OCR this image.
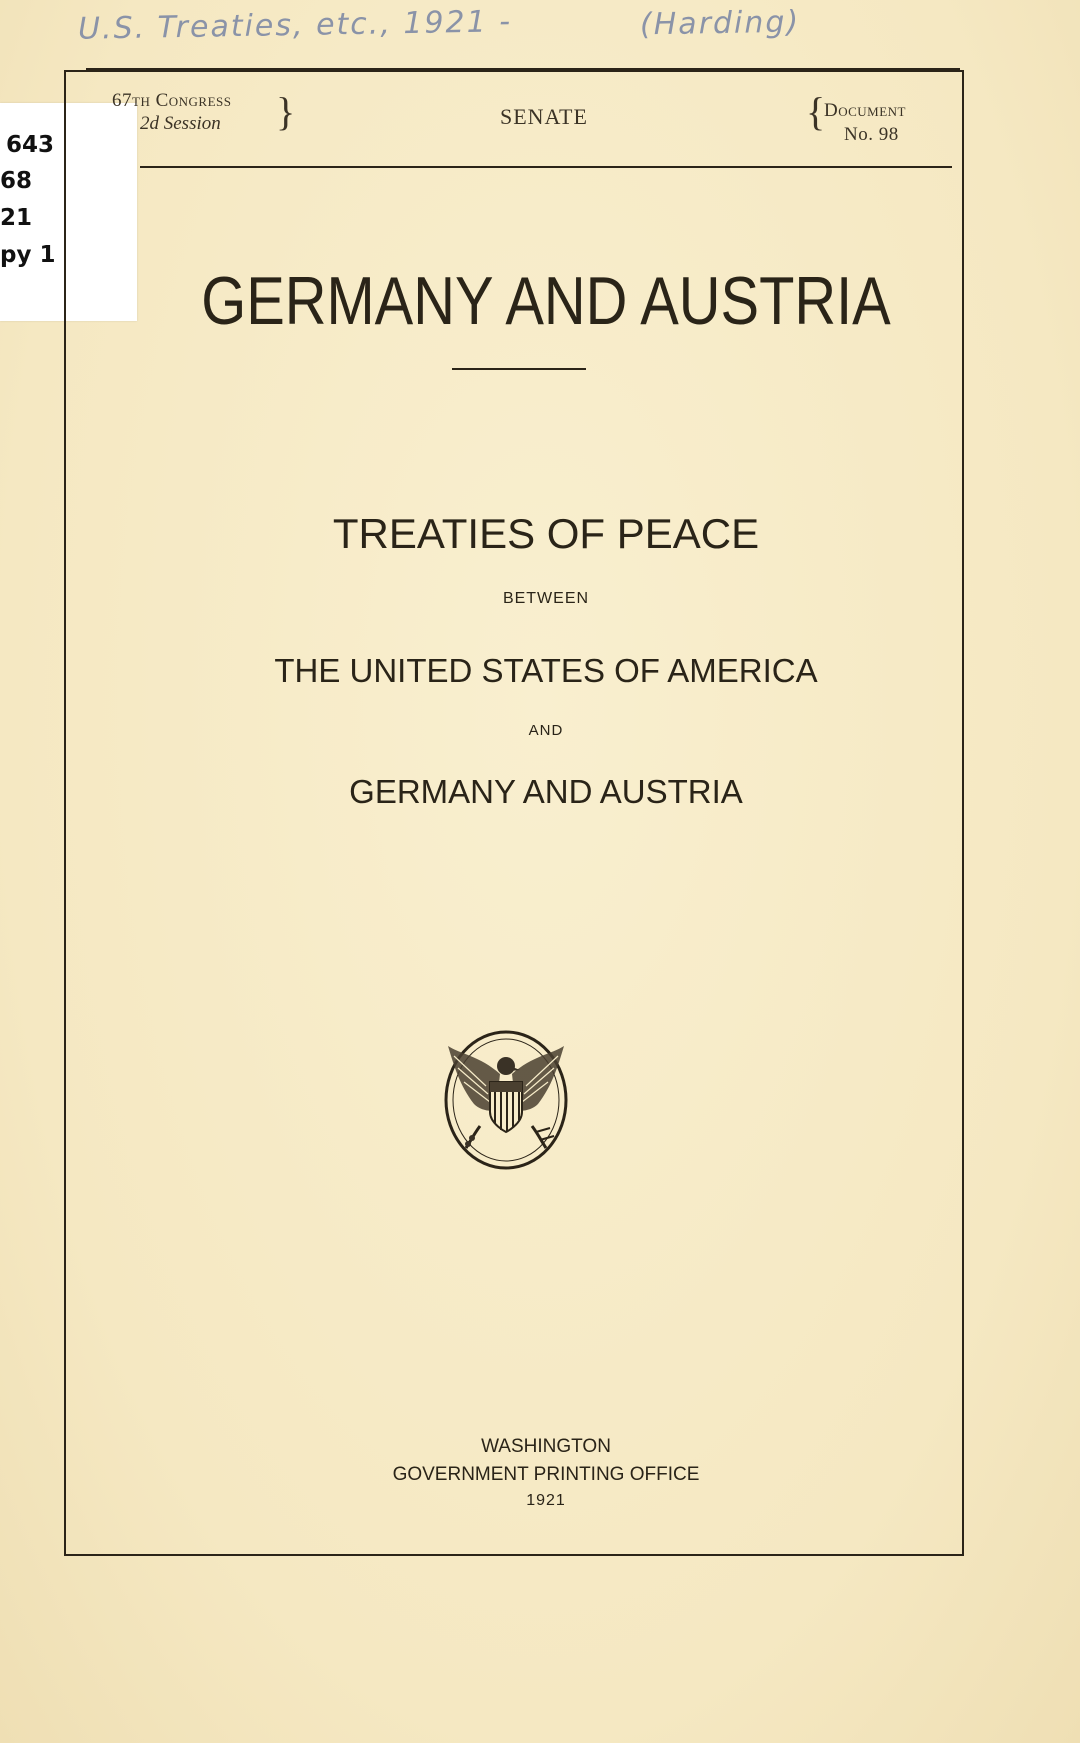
U.S. Treaties, etc., 1921 -	(Harding)
643
68
21
py 1
67th Congress
2d Session }	SENATE	{
Document
No. 98
GERMANY AND AUSTRIA
TREATIES OF PEACE
BETWEEN
THE UNITED STATES OF AMERICA
AND
GERMANY AND AUSTRIA
WASHINGTON
GOVERNMENT PRINTING OFFICE
1921
